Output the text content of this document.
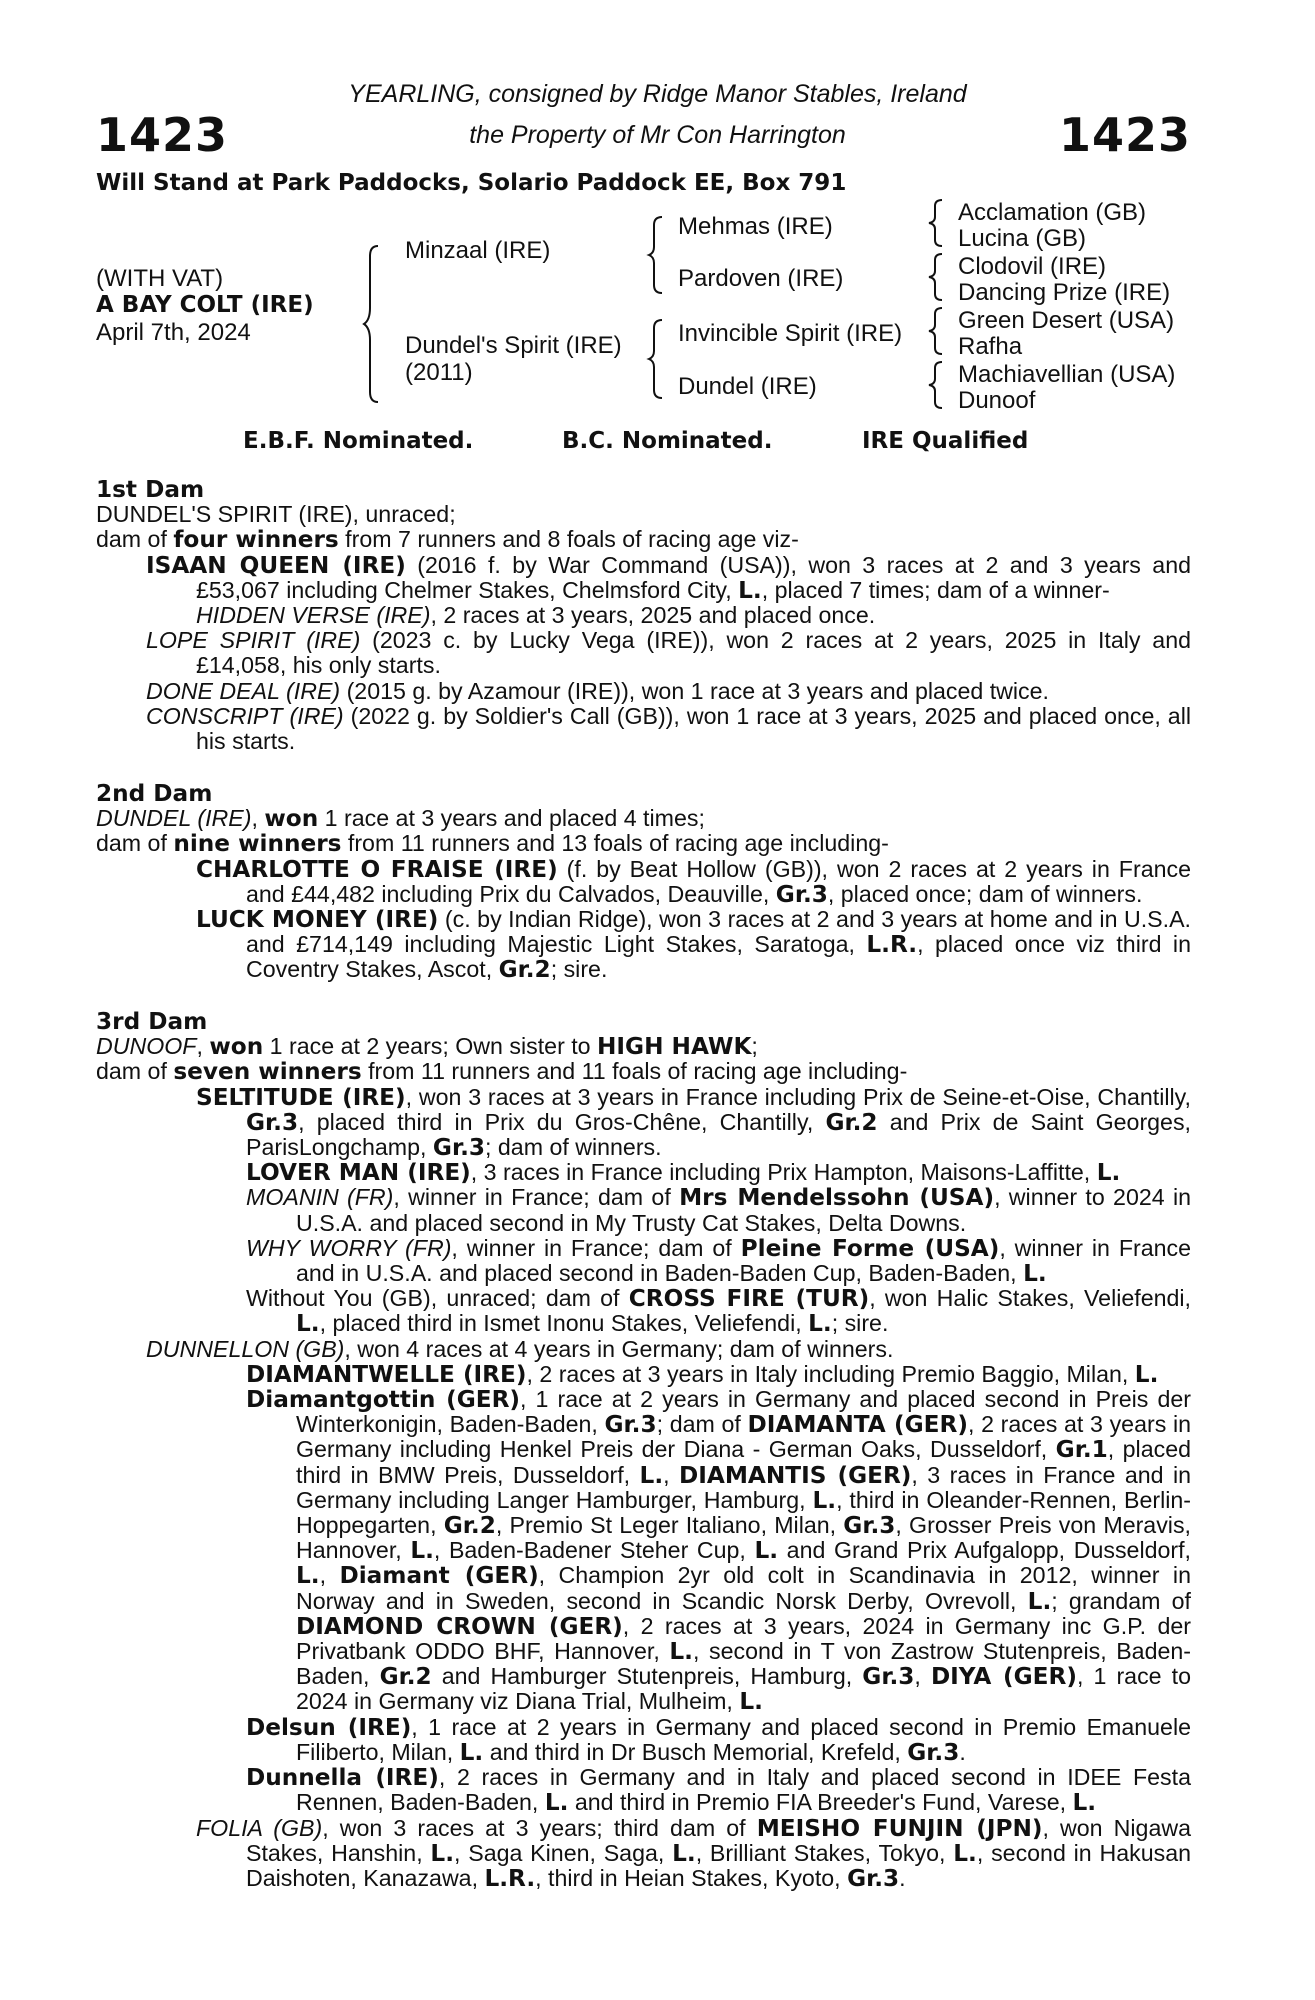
1423	1423
YEARLING, consigned by Ridge Manor Stables, Ireland
the Property of Mr Con Harrington
Will Stand at Park Paddocks, Solario Paddock EE, Box 791
(WITH VAT)
A BAY COLT (IRE)
April 7th, 2024
Minzaal (IRE)
Dundel's Spirit (IRE)
(2011)
Mehmas (IRE)
Pardoven (IRE)
Invincible Spirit (IRE)
Dundel (IRE)
Acclamation (GB)
Lucina (GB)
Clodovil (IRE)
Dancing Prize (IRE)
Green Desert (USA)
Rafha
Machiavellian (USA)
Dunoof
E.B.F. Nominated.	B.C. Nominated.	IRE Qualified

1st Dam

DUNDEL'S SPIRIT (IRE), unraced;

dam of four winners from 7 runners and 8 foals of racing age viz-

ISAAN QUEEN (IRE) (2016 f. by War Command (USA)), won 3 races at 2 and 3 years and £53,067 including Chelmer Stakes, Chelmsford City, L., placed 7 times; dam of a winner-

HIDDEN VERSE (IRE), 2 races at 3 years, 2025 and placed once.

LOPE SPIRIT (IRE) (2023 c. by Lucky Vega (IRE)), won 2 races at 2 years, 2025 in Italy and £14,058, his only starts.

DONE DEAL (IRE) (2015 g. by Azamour (IRE)), won 1 race at 3 years and placed twice.

CONSCRIPT (IRE) (2022 g. by Soldier's Call (GB)), won 1 race at 3 years, 2025 and placed once, all his starts.

2nd Dam

DUNDEL (IRE), won 1 race at 3 years and placed 4 times;

dam of nine winners from 11 runners and 13 foals of racing age including-

CHARLOTTE O FRAISE (IRE) (f. by Beat Hollow (GB)), won 2 races at 2 years in France and £44,482 including Prix du Calvados, Deauville, Gr.3, placed once; dam of winners.

LUCK MONEY (IRE) (c. by Indian Ridge), won 3 races at 2 and 3 years at home and in U.S.A. and £714,149 including Majestic Light Stakes, Saratoga, L.R., placed once viz third in Coventry Stakes, Ascot, Gr.2; sire.

3rd Dam

DUNOOF, won 1 race at 2 years; Own sister to HIGH HAWK;

dam of seven winners from 11 runners and 11 foals of racing age including-

SELTITUDE (IRE), won 3 races at 3 years in France including Prix de Seine-et-Oise, Chantilly, Gr.3, placed third in Prix du Gros-Chêne, Chantilly, Gr.2 and Prix de Saint Georges, ParisLongchamp, Gr.3; dam of winners.

LOVER MAN (IRE), 3 races in France including Prix Hampton, Maisons-Laffitte, L.

MOANIN (FR), winner in France; dam of Mrs Mendelssohn (USA), winner to 2024 in U.S.A. and placed second in My Trusty Cat Stakes, Delta Downs.

WHY WORRY (FR), winner in France; dam of Pleine Forme (USA), winner in France and in U.S.A. and placed second in Baden-Baden Cup, Baden-Baden, L.

Without You (GB), unraced; dam of CROSS FIRE (TUR), won Halic Stakes, Veliefendi, L., placed third in Ismet Inonu Stakes, Veliefendi, L.; sire.

DUNNELLON (GB), won 4 races at 4 years in Germany; dam of winners.

DIAMANTWELLE (IRE), 2 races at 3 years in Italy including Premio Baggio, Milan, L.

Diamantgottin (GER), 1 race at 2 years in Germany and placed second in Preis der Winterkonigin, Baden-Baden, Gr.3; dam of DIAMANTA (GER), 2 races at 3 years in Germany including Henkel Preis der Diana - German Oaks, Dusseldorf, Gr.1, placed third in BMW Preis, Dusseldorf, L., DIAMANTIS (GER), 3 races in France and in Germany including Langer Hamburger, Hamburg, L., third in Oleander-Rennen, Berlin-Hoppegarten, Gr.2, Premio St Leger Italiano, Milan, Gr.3, Grosser Preis von Meravis, Hannover, L., Baden-Badener Steher Cup, L. and Grand Prix Aufgalopp, Dusseldorf, L., Diamant (GER), Champion 2yr old colt in Scandinavia in 2012, winner in Norway and in Sweden, second in Scandic Norsk Derby, Ovrevoll, L.; grandam of DIAMOND CROWN (GER), 2 races at 3 years, 2024 in Germany inc G.P. der Privatbank ODDO BHF, Hannover, L., second in T von Zastrow Stutenpreis, Baden-Baden, Gr.2 and Hamburger Stutenpreis, Hamburg, Gr.3, DIYA (GER), 1 race to 2024 in Germany viz Diana Trial, Mulheim, L.

Delsun (IRE), 1 race at 2 years in Germany and placed second in Premio Emanuele Filiberto, Milan, L. and third in Dr Busch Memorial, Krefeld, Gr.3.

Dunnella (IRE), 2 races in Germany and in Italy and placed second in IDEE Festa Rennen, Baden-Baden, L. and third in Premio FIA Breeder's Fund, Varese, L.

FOLIA (GB), won 3 races at 3 years; third dam of MEISHO FUNJIN (JPN), won Nigawa Stakes, Hanshin, L., Saga Kinen, Saga, L., Brilliant Stakes, Tokyo, L., second in Hakusan Daishoten, Kanazawa, L.R., third in Heian Stakes, Kyoto, Gr.3.
